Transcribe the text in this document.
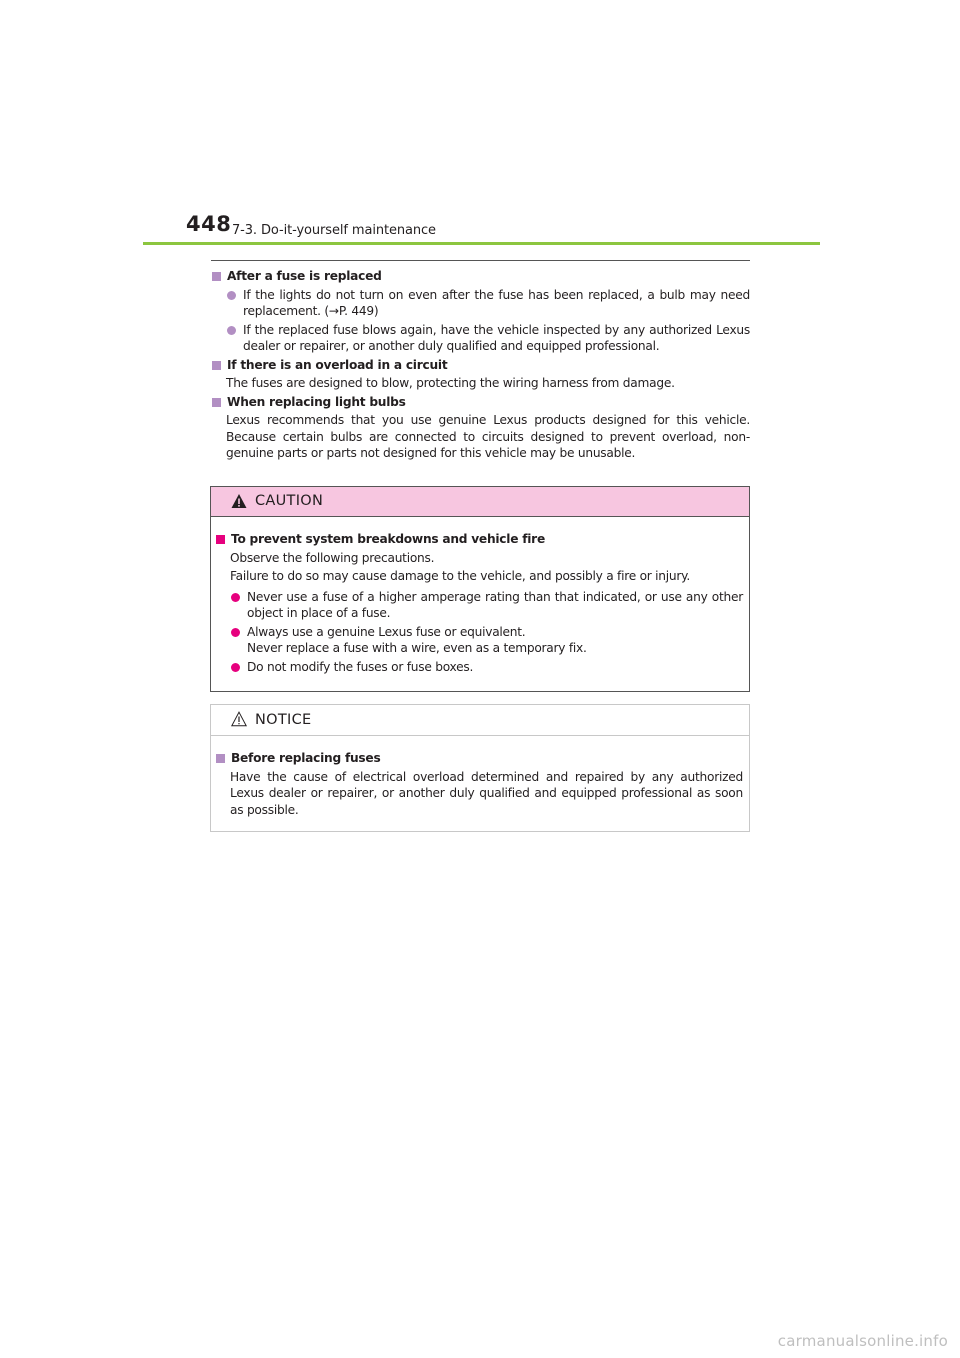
448 7-3. Do-it-yourself maintenance
After a fuse is replaced
If the lights do not turn on even after the fuse has been replaced, a bulb may need replacement. (→P. 449)
If the replaced fuse blows again, have the vehicle inspected by any authorized Lexus dealer or repairer, or another duly qualified and equipped professional.
If there is an overload in a circuit
The fuses are designed to blow, protecting the wiring harness from damage.
When replacing light bulbs
Lexus recommends that you use genuine Lexus products designed for this vehicle. Because certain bulbs are connected to circuits designed to prevent overload, non-genuine parts or parts not designed for this vehicle may be unusable.
CAUTION
To prevent system breakdowns and vehicle fire
Observe the following precautions.
Failure to do so may cause damage to the vehicle, and possibly a fire or injury.
Never use a fuse of a higher amperage rating than that indicated, or use any other object in place of a fuse.
Always use a genuine Lexus fuse or equivalent.
Never replace a fuse with a wire, even as a temporary fix.
Do not modify the fuses or fuse boxes.
NOTICE
Before replacing fuses
Have the cause of electrical overload determined and repaired by any authorized Lexus dealer or repairer, or another duly qualified and equipped professional as soon as possible.
carmanualsonline.info
